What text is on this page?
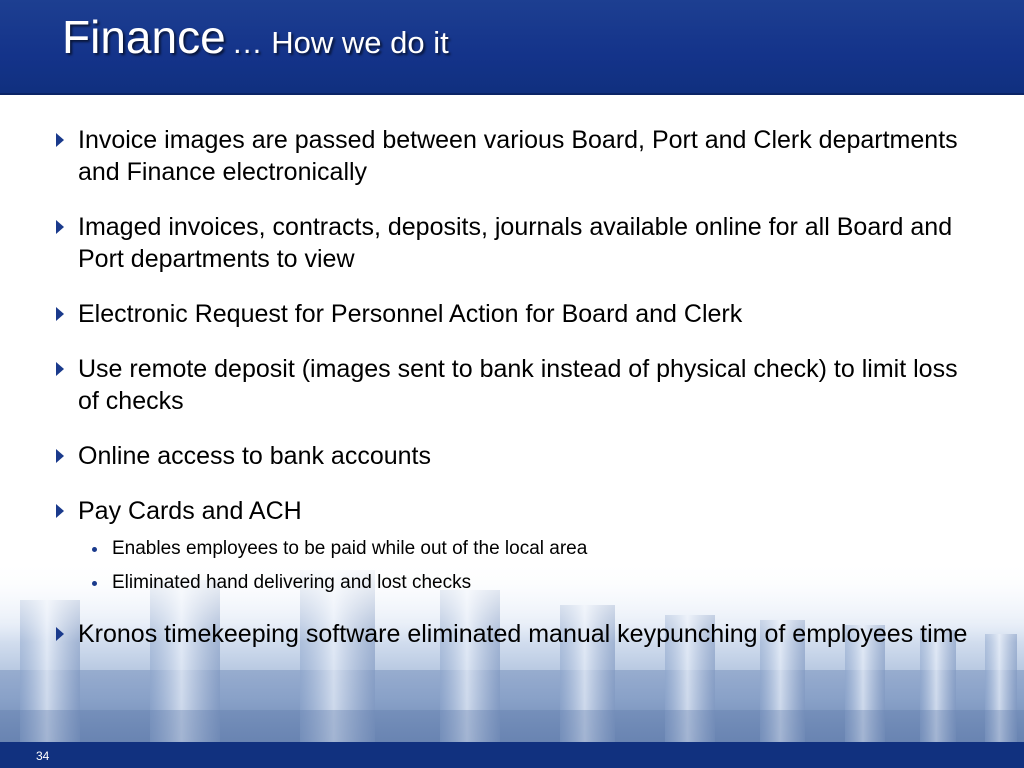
Finance … How we do it
Invoice images are passed between various Board, Port and Clerk departments and Finance electronically
Imaged invoices, contracts, deposits, journals available online for all Board and Port departments to view
Electronic Request for Personnel Action for Board and Clerk
Use remote deposit (images sent to bank instead of physical check) to limit loss of checks
Online access to bank accounts
Pay Cards and ACH
Enables employees to be paid while out of the local area
Eliminated hand delivering and lost checks
Kronos timekeeping software eliminated manual keypunching of employees time
34
